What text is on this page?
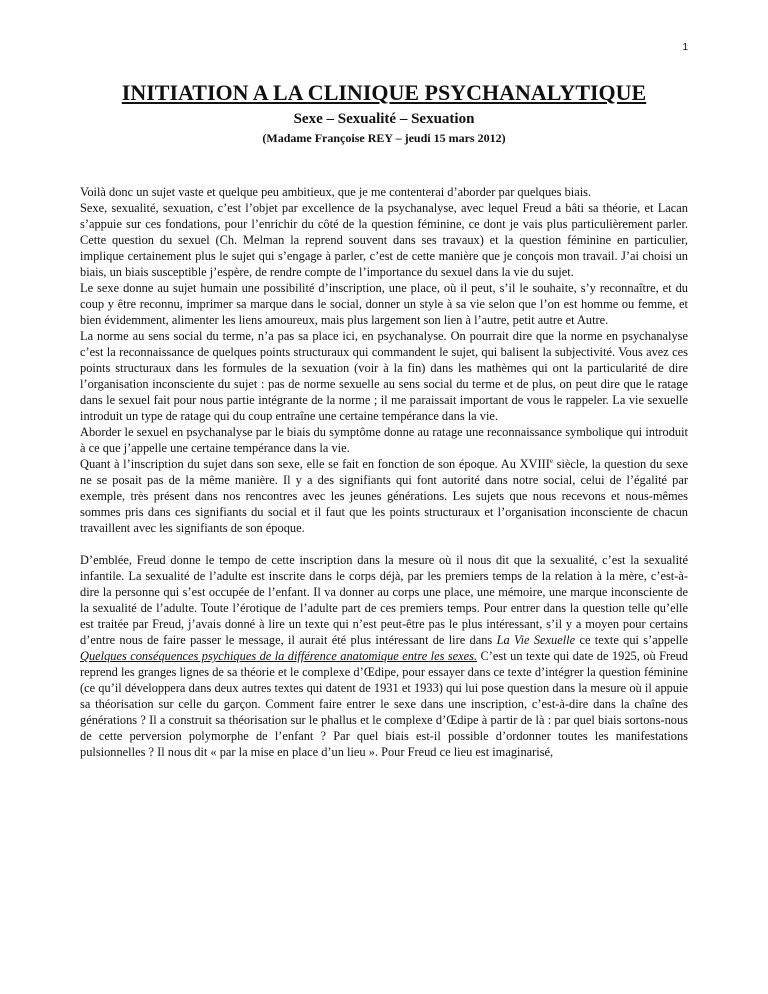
1
INITIATION A LA CLINIQUE PSYCHANALYTIQUE

Sexe – Sexualité – Sexuation

(Madame Françoise REY – jeudi 15 mars 2012)

Voilà donc un sujet vaste et quelque peu ambitieux, que je me contenterai d’aborder par quelques biais.

Sexe, sexualité, sexuation, c’est l’objet par excellence de la psychanalyse, avec lequel Freud a bâti sa théorie, et Lacan s’appuie sur ces fondations, pour l’enrichir du côté de la question féminine, ce dont je vais plus particulièrement parler. Cette question du sexuel (Ch. Melman la reprend souvent dans ses travaux) et la question féminine en particulier, implique certainement plus le sujet qui s’engage à parler, c’est de cette manière que je conçois mon travail. J’ai choisi un biais, un biais susceptible j’espère, de rendre compte de l’importance du sexuel dans la vie du sujet.

Le sexe donne au sujet humain une possibilité d’inscription, une place, où il peut, s’il le souhaite, s’y reconnaître, et du coup y être reconnu, imprimer sa marque dans le social, donner un style à sa vie selon que l’on est homme ou femme, et bien évidemment, alimenter les liens amoureux, mais plus largement son lien à l’autre, petit autre et Autre.

La norme au sens social du terme, n’a pas sa place ici, en psychanalyse. On pourrait dire que la norme en psychanalyse c’est la reconnaissance de quelques points structuraux qui commandent le sujet, qui balisent la subjectivité. Vous avez ces points structuraux dans les formules de la sexuation (voir à la fin) dans les mathèmes qui ont la particularité de dire l’organisation inconsciente du sujet : pas de norme sexuelle au sens social du terme et de plus, on peut dire que le ratage dans le sexuel fait pour nous partie intégrante de la norme ; il me paraissait important de vous le rappeler. La vie sexuelle introduit un type de ratage qui du coup entraîne une certaine tempérance dans la vie.

Aborder le sexuel en psychanalyse par le biais du symptôme donne au ratage une reconnaissance symbolique qui introduit à ce que j’appelle une certaine tempérance dans la vie.

Quant à l’inscription du sujet dans son sexe, elle se fait en fonction de son époque. Au XVIIIe siècle, la question du sexe ne se posait pas de la même manière. Il y a des signifiants qui font autorité dans notre social, celui de l’égalité par exemple, très présent dans nos rencontres avec les jeunes générations. Les sujets que nous recevons et nous-mêmes sommes pris dans ces signifiants du social et il faut que les points structuraux et l’organisation inconsciente de chacun travaillent avec les signifiants de son époque.

D’emblée, Freud donne le tempo de cette inscription dans la mesure où il nous dit que la sexualité, c’est la sexualité infantile. La sexualité de l’adulte est inscrite dans le corps déjà, par les premiers temps de la relation à la mère, c’est-à-dire la personne qui s’est occupée de l’enfant. Il va donner au corps une place, une mémoire, une marque inconsciente de la sexualité de l’adulte. Toute l’érotique de l’adulte part de ces premiers temps. Pour entrer dans la question telle qu’elle est traitée par Freud, j’avais donné à lire un texte qui n’est peut-être pas le plus intéressant, s’il y a moyen pour certains d’entre nous de faire passer le message, il aurait été plus intéressant de lire dans La Vie Sexuelle ce texte qui s’appelle Quelques conséquences psychiques de la différence anatomique entre les sexes. C’est un texte qui date de 1925, où Freud reprend les granges lignes de sa théorie et le complexe d’Œdipe, pour essayer dans ce texte d’intégrer la question féminine (ce qu’il développera dans deux autres textes qui datent de 1931 et 1933) qui lui pose question dans la mesure où il appuie sa théorisation sur celle du garçon. Comment faire entrer le sexe dans une inscription, c’est-à-dire dans la chaîne des générations ? Il a construit sa théorisation sur le phallus et le complexe d’Œdipe à partir de là : par quel biais sortons-nous de cette perversion polymorphe de l’enfant ? Par quel biais est-il possible d’ordonner toutes les manifestations pulsionnelles ? Il nous dit « par la mise en place d’un lieu ». Pour Freud ce lieu est imaginarisé,
